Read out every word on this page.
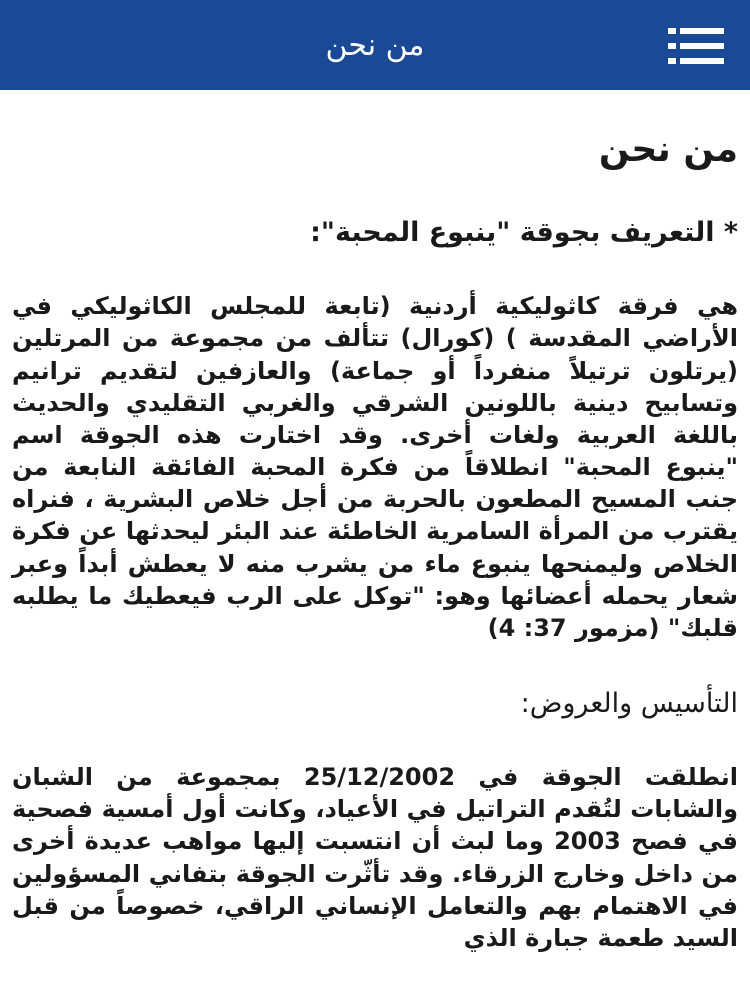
من نحن
من نحن
* التعريف بجوقة "ينبوع المحبة":

هي فرقة كاثوليكية أردنية (تابعة للمجلس الكاثوليكي في الأراضي المقدسة ) (كورال) تتألف من مجموعة من المرتلين (يرتلون ترتيلاً منفرداً أو جماعة) والعازفين لتقديم ترانيم وتسابيح دينية باللونين الشرقي والغربي التقليدي والحديث باللغة العربية ولغات أخرى. وقد اختارت هذه الجوقة اسم "ينبوع المحبة" انطلاقاً من فكرة المحبة الفائقة النابعة من جنب المسيح المطعون بالحربة من أجل خلاص البشرية ، فنراه يقترب من المرأة السامرية الخاطئة عند البئر ليحدثها عن فكرة الخلاص وليمنحها ينبوع ماء من يشرب منه لا يعطش أبداً وعبر شعار يحمله أعضائها وهو: "توكل على الرب فيعطيك ما يطلبه قلبك" (مزمور 37: 4)

التأسيس والعروض:

انطلقت الجوقة في 25/12/2002 بمجموعة من الشبان والشابات لتُقدم التراتيل في الأعياد، وكانت أول أمسية فصحية في فصح 2003 وما لبث أن انتسبت إليها مواهب عديدة أخرى من داخل وخارج الزرقاء. وقد تأثّرت الجوقة بتفاني المسؤولين في الاهتمام بهم والتعامل الإنساني الراقي، خصوصاً من قبل السيد طعمة جبارة الذي
